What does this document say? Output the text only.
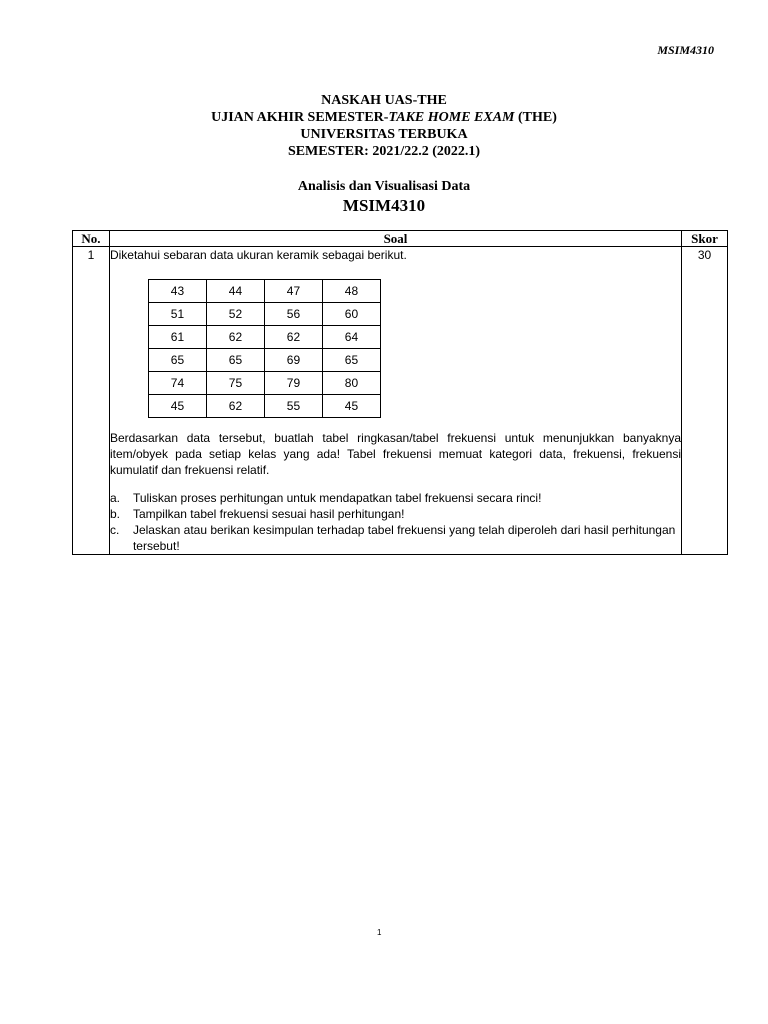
MSIM4310
NASKAH UAS-THE
UJIAN AKHIR SEMESTER-TAKE HOME EXAM (THE)
UNIVERSITAS TERBUKA
SEMESTER: 2021/22.2 (2022.1)
Analisis dan Visualisasi Data
MSIM4310
No.	Soal	Skor
1	Diketahui sebaran data ukuran keramik sebagai berikut.

43	44	47	48
51	52	56	60
61	62	62	64
65	65	69	65
74	75	79	80
45	62	55	45

Berdasarkan data tersebut, buatlah tabel ringkasan/tabel frekuensi untuk menunjukkan banyaknya item/obyek pada setiap kelas yang ada! Tabel frekuensi memuat kategori data, frekuensi, frekuensi kumulatif dan frekuensi relatif.

a.	Tuliskan proses perhitungan untuk mendapatkan tabel frekuensi secara rinci!
b.	Tampilkan tabel frekuensi sesuai hasil perhitungan!
c.	Jelaskan atau berikan kesimpulan terhadap tabel frekuensi yang telah diperoleh dari hasil perhitungan tersebut!
	30
1
